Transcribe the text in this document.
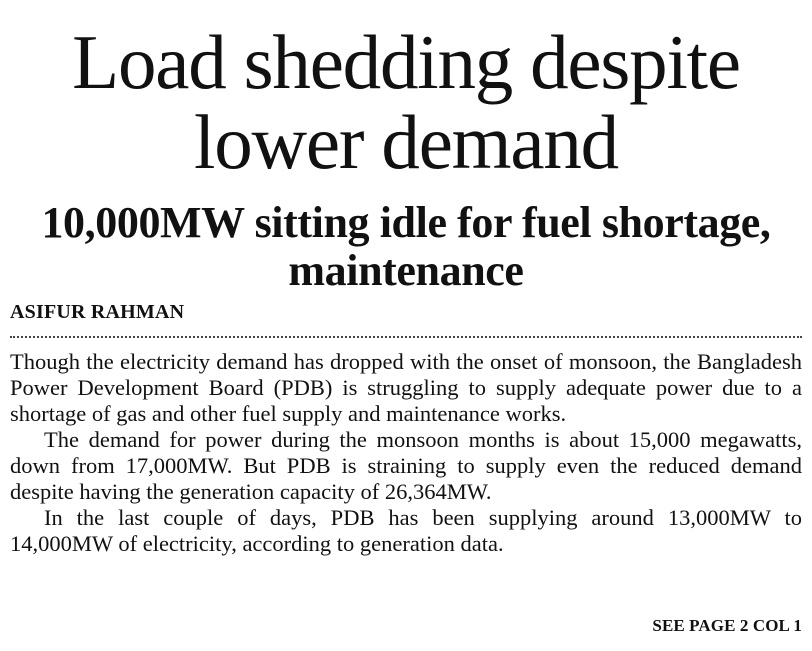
Load shedding despite lower demand
10,000MW sitting idle for fuel shortage, maintenance
ASIFUR RAHMAN

Though the electricity demand has dropped with the onset of monsoon, the Bangladesh Power Development Board (PDB) is struggling to supply adequate power due to a shortage of gas and other fuel supply and maintenance works.

The demand for power during the monsoon months is about 15,000 megawatts, down from 17,000MW. But PDB is straining to supply even the reduced demand despite having the generation capacity of 26,364MW.

In the last couple of days, PDB has been supplying around 13,000MW to 14,000MW of electricity, according to generation data.

SEE PAGE 2 COL 1
